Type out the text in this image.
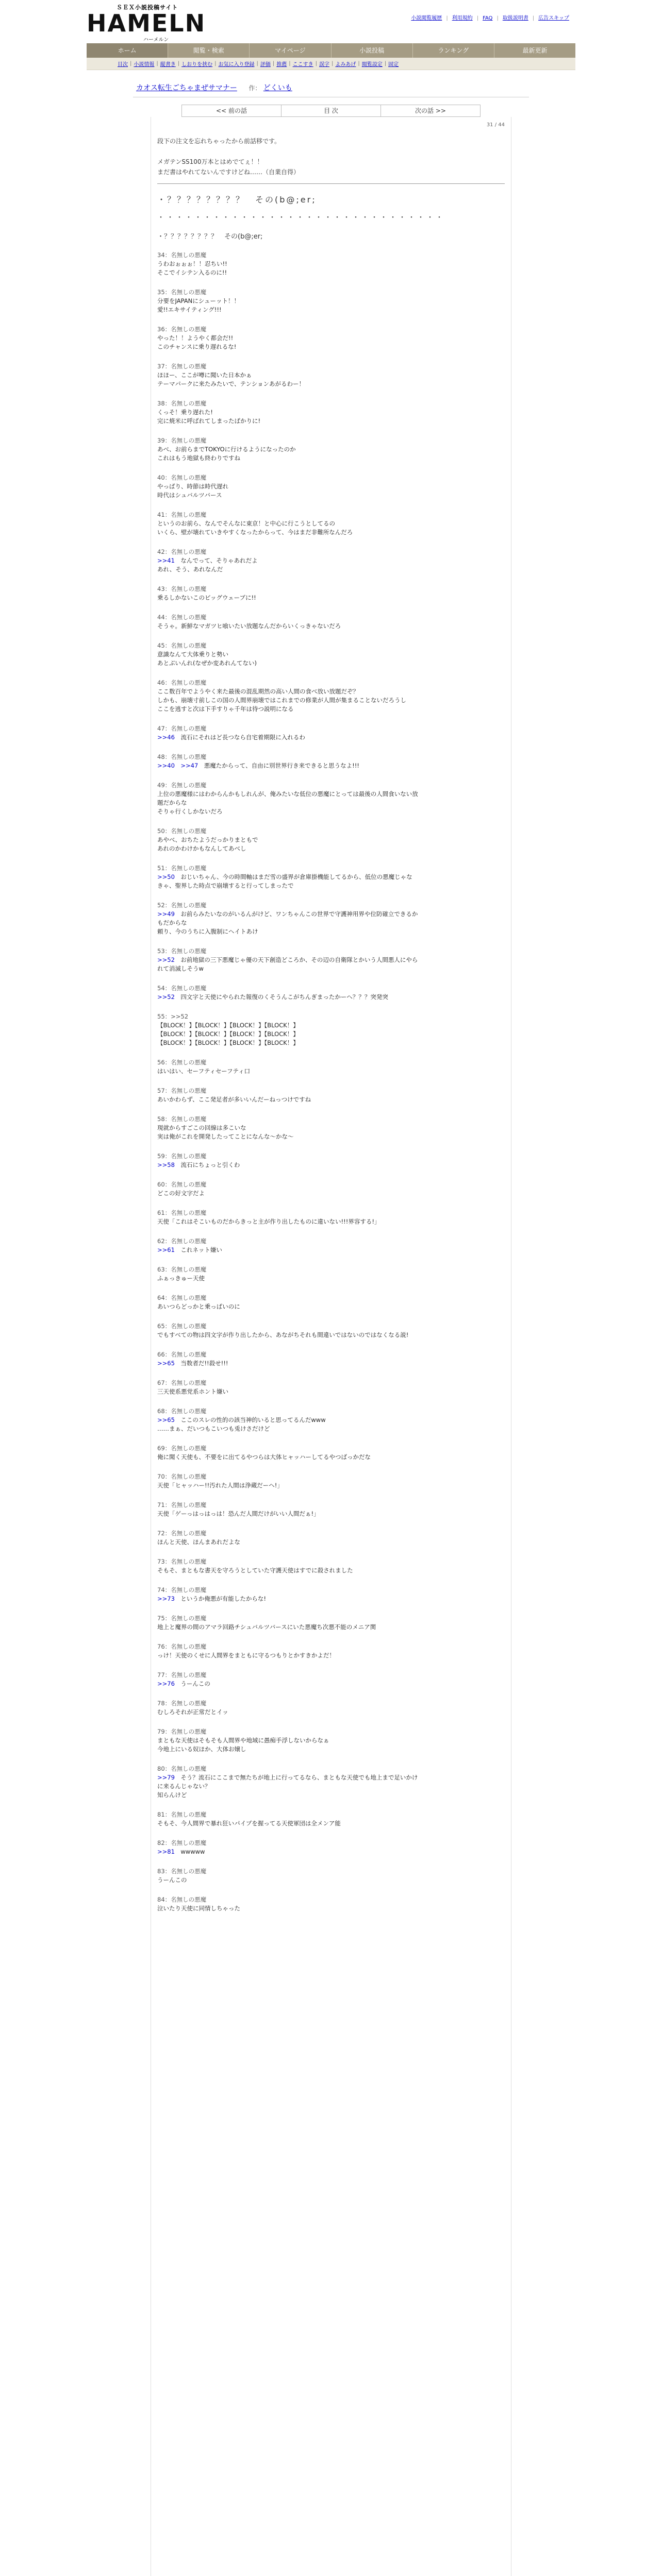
ＳＥＸ小説投稿サイト
HAMELN
ハーメルン
小説閲覧履歴 | 利用規約 | FAQ | 取扱説明書 | 広告スキップ
ホーム	閲覧・検索	マイページ	小説投稿	ランキング	最新更新
目次 | 小説情報 | 縦書き | しおりを挟む | お気に入り登録 | 評価 | 推薦 | ここすき | 誤字 | よみあげ | 閲覧設定 | 固定
カオス転生ごちゃまぜサマナー 作： どくいも
<< 前の話	目 次	次の話 >>
31 / 44
段下の注文を忘れちゃったから前話移です。

メガテンSS100万本とはめでてぇ！！
まだ書はやれてないんですけどね……（自業自得）
・？？？？？？？？　その(b@;er;
・・・・・・・・・・・・・・・・・・・・・・・・・・・・・・・
・？？？？？？？？　その(b@;er;
34：名無しの悪魔
うわおぉぉぉ！！忍ちい!!
そこでイシテン入るのに!!
35：名無しの悪魔
分要をJAPANにシューット！！
愛!!エキサイティング!!!
36：名無しの悪魔
やった！！ようやく都会だ!!
このチャンスに乗り遅れるな!
37：名無しの悪魔
ほほー、ここが噂に聞いた日本かぁ
テーマパークに来たみたいで、テンションあがるわー！
38：名無しの悪魔
くっそ！乗り遅れた!
完に焼米に呼ばれてしまったばかりに!
39：名無しの悪魔
あべ、お前らまでTOKYOに行けるようになったのか
これはもう地獄も終わりですね
40：名無しの悪魔
やっぱり、時節は時代遅れ
時代はシュバルツバース
41：名無しの悪魔
というのお前ら、なんでそんなに東京！と中心に行こうとしてるの
いくら、壁が壊れていきやすくなったからって、今はまだ非難所なんだろ
42：名無しの悪魔
>>41　なんでって、そりゃあれだよ
あれ、そう、あれなんだ
43：名無しの悪魔
乗るしかないこのビッグウェーブに!!
44：名無しの悪魔
そうゃ。新鮮なマガツヒ喰いたい放題なんだからいくっきゃないだろ
45：名無しの悪魔
意識なんて大体乗りと勢い
あとぶいんれ(なぜか変あれんてない)
46：名無しの悪魔
ここ数百年でようやく来た最後の混乱期然の高い人間の食べ放い放題だぞ？
しかも、崩壊寸前しこの国の人間界崩壊ではこれまでの修業が人間が集まることないだろうし
ここを逃すと次は下手すりゃ千年は待つ説明になる
47：名無しの悪魔
>>46　流石にそれはど長つなら自宅着期限に入れるわ
48：名無しの悪魔
>>40　>>47　悪魔たからって、自由に別世界行き来できると思うなよ!!!
49：名無しの悪魔
上位の悪魔様にはわからんかもしれんが、俺みたいな低位の悪魔にとっては最後の人間食いない放
題だからな
そりゃ行くしかないだろ
50：名無しの悪魔
あやべ、おちたようだっかりまともで
あれのかわけかもなんしてあべし
51：名無しの悪魔
>>50　おじいちゃん、今の時間軸はまだ雪の盛界が倉庫掛機能してるから、低位の悪魔じゃな
きゃ、聖界した時点で崩壊すると行ってしまったで
52：名無しの悪魔
>>49　お前らみたいなのがいるんがけど、ワンちゃんこの世界で守護神用界や位防確立できるか
もだからな
頼り、今のうちに入腹制にヘイトあけ
53：名無しの悪魔
>>52　お前地獄の三下悪魔じゃ優の天下創造どころか、その辺の自衛隊とかいう人間悪人にやら
れて消滅しそうw
54：名無しの悪魔
>>52　四文字と天使にやられた報復のくそうんこがちんぎまったかーへ？？？突発突
55：>>52
【BLOCK！】【BLOCK！】【BLOCK！】【BLOCK！】
【BLOCK！】【BLOCK！】【BLOCK！】【BLOCK！】
【BLOCK！】【BLOCK！】【BLOCK！】【BLOCK！】
56：名無しの悪魔
はいはい、セーフティセーフティ口
57：名無しの悪魔
あいかわらず、ここ発足者が多いいんだーねっつけですね
58：名無しの悪魔
現就からすごこの回線は多こいな
実は俺がこれを開発したってことになんな～かな～
59：名無しの悪魔
>>58　流石にちょっと引くわ
60：名無しの悪魔
どこの好文字だよ
61：名無しの悪魔
天使「これはそこいものだからきっと主が作り出したものに違いない!!!界容する!」
62：名無しの悪魔
>>61　これネット嫌い
63：名無しの悪魔
ふぁっきゅー天使
64：名無しの悪魔
あいつらどっかと乗っぱいのに
65：名無しの悪魔
でもすべての物は四文字が作り出したから、あながちそれも間違いではないのではなくなる説!
66：名無しの悪魔
>>65　当数者だ!!殺せ!!!
67：名無しの悪魔
三天使系悪党系ホント嫌い
68：名無しの悪魔
>>65　ここのスレの性的の該当神的いると思ってるんだwww
……まぁ、だいつもこいつも兎けさだけど
69：名無しの悪魔
俺に聞く天使も、不要をに出てるやつらは大体ヒャッハーしてるやつばっかだな
70：名無しの悪魔
天使「ヒャッハー!!汚れた人間は浄蔵だーヘ!」
71：名無しの悪魔
天使「ゲーっはっはっは！恐んだ人間だけがいい人間だぁ!」
72：名無しの悪魔
ほんと天使、ほんまあれだよな
73：名無しの悪魔
そもそ、まともな書天を守ろうとしていた守護天使はすでに殺されました
74：名無しの悪魔
>>73　というか俺悪が有能したからな!
75：名無しの悪魔
地上と魔界の間のアマラ回路チシュバルツバースにいた悪魔ち次悪不能のメニア関
76：名無しの悪魔
っけ！天使のくせに人間界をまともに守るつもりとかすきかよだ！
77：名無しの悪魔
>>76　うーんこの
78：名無しの悪魔
むしろそれが正常だとイッ
79：名無しの悪魔
まともな天使はそもそも人間界や地域に愚痴手浮しないからなぁ
今地上にいる奴ほか、大体お嬢し
80：名無しの悪魔
>>79　そう？流石にここまで無たちが地上に行ってるなら、まともな天使でも地上まで足いかけ
に来るんじゃない？
知らんけど
81：名無しの悪魔
そもそ、今人間界で暴れ狂いパイプを握ってる天使軍団は全メンア能
82：名無しの悪魔
>>81　wwwww
83：名無しの悪魔
うーんこの
84：名無しの悪魔
泣いたり天使に同情しちゃった
